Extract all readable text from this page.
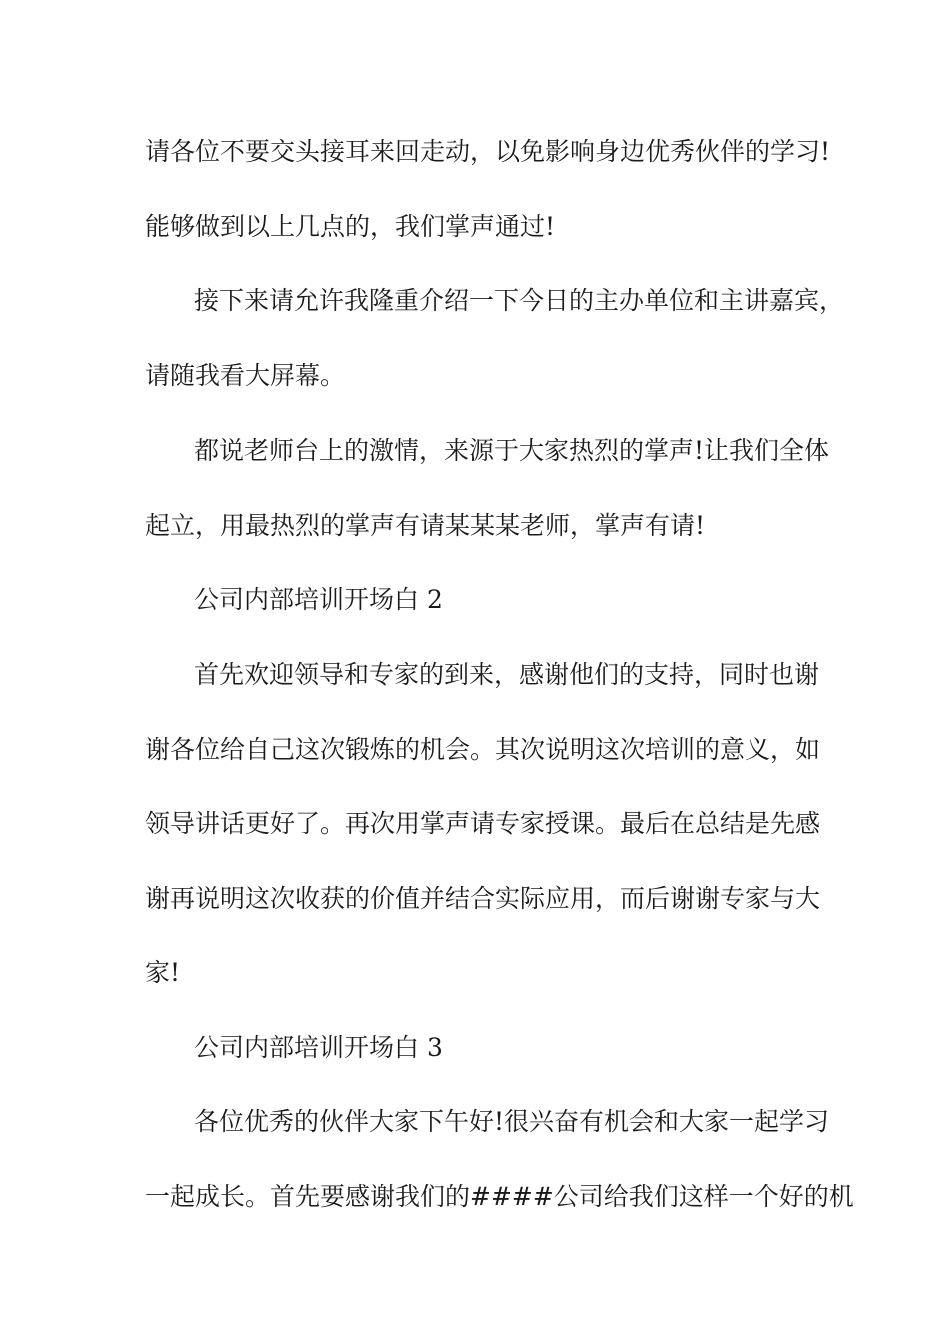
请各位不要交头接耳来回走动，以免影响身边优秀伙伴的学习!

能够做到以上几点的，我们掌声通过!

接下来请允许我隆重介绍一下今日的主办单位和主讲嘉宾，

请随我看大屏幕。

都说老师台上的激情，来源于大家热烈的掌声!让我们全体

起立，用最热烈的掌声有请某某某老师，掌声有请!

公司内部培训开场白 2

首先欢迎领导和专家的到来，感谢他们的支持，同时也谢

谢各位给自己这次锻炼的机会。其次说明这次培训的意义，如

领导讲话更好了。再次用掌声请专家授课。最后在总结是先感

谢再说明这次收获的价值并结合实际应用，而后谢谢专家与大

家!

公司内部培训开场白 3

各位优秀的伙伴大家下午好!很兴奋有机会和大家一起学习

一起成长。首先要感谢我们的####公司给我们这样一个好的机
